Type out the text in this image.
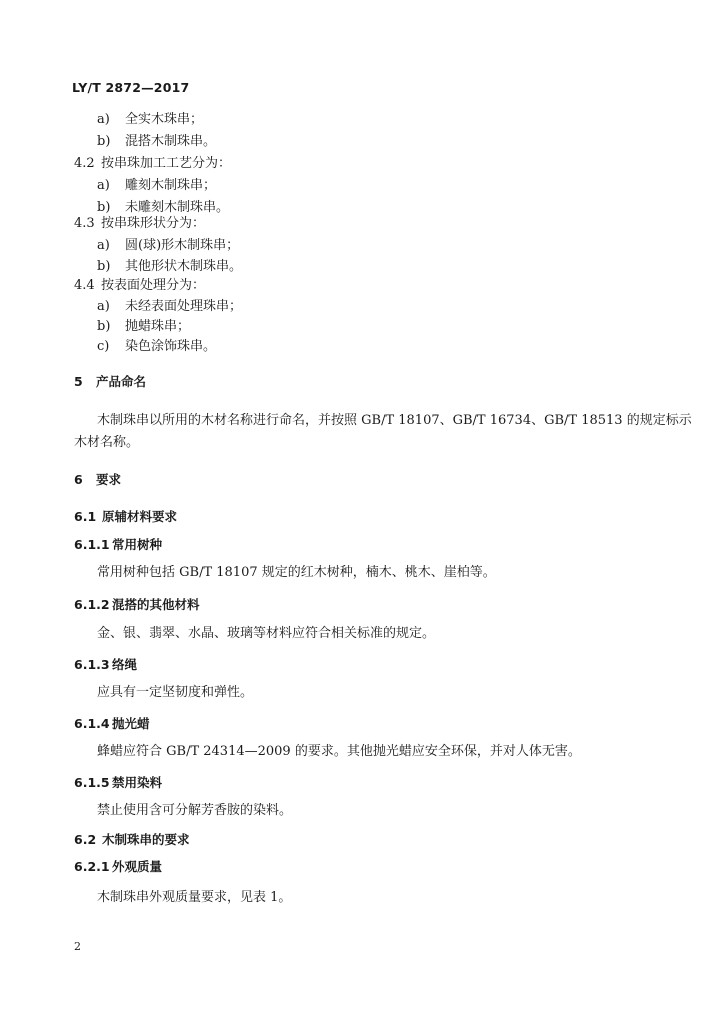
LY/T 2872—2017
a) 全实木珠串；
b) 混搭木制珠串。
4.2 按串珠加工工艺分为：
a) 雕刻木制珠串；
b) 未雕刻木制珠串。
4.3 按串珠形状分为：
a) 圆(球)形木制珠串；
b) 其他形状木制珠串。
4.4 按表面处理分为：
a) 未经表面处理珠串；
b) 抛蜡珠串；
c) 染色涂饰珠串。
5 产品命名
木制珠串以所用的木材名称进行命名，并按照 GB/T 18107、GB/T 16734、GB/T 18513 的规定标示
木材名称。
6 要求
6.1 原辅材料要求
6.1.1 常用树种
常用树种包括 GB/T 18107 规定的红木树种，楠木、桃木、崖柏等。
6.1.2 混搭的其他材料
金、银、翡翠、水晶、玻璃等材料应符合相关标准的规定。
6.1.3 络绳
应具有一定坚韧度和弹性。
6.1.4 抛光蜡
蜂蜡应符合 GB/T 24314—2009 的要求。其他抛光蜡应安全环保，并对人体无害。
6.1.5 禁用染料
禁止使用含可分解芳香胺的染料。
6.2 木制珠串的要求
6.2.1 外观质量
木制珠串外观质量要求，见表 1。
2
